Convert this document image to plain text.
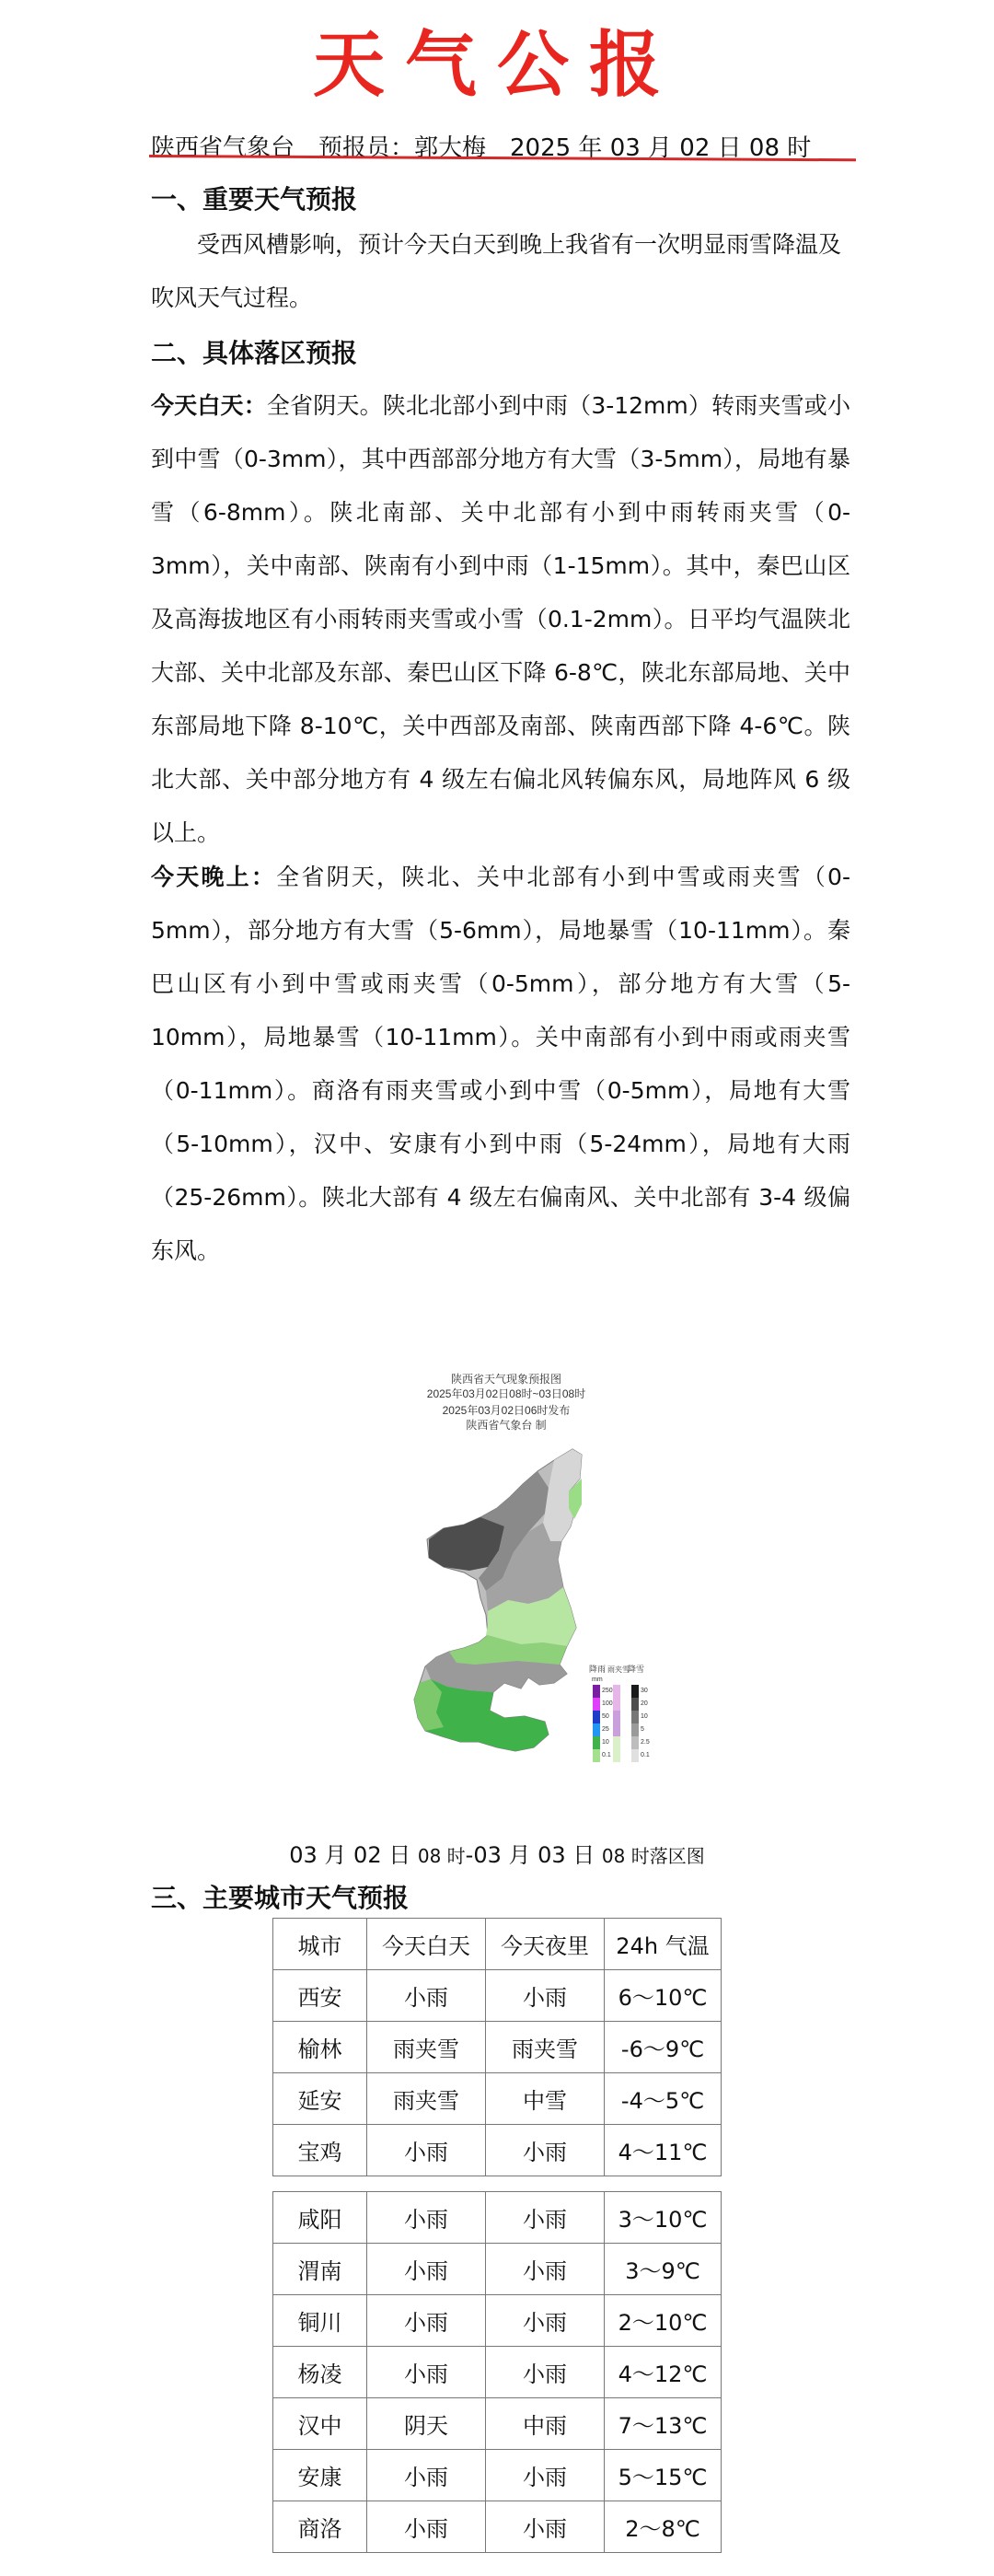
天气公报
陕西省气象台　预报员：郭大梅　2025 年 03 月 02 日 08 时
一、重要天气预报

受西风槽影响，预计今天白天到晚上我省有一次明显雨雪降温及吹风天气过程。

二、具体落区预报

今天白天：全省阴天。陕北北部小到中雨（3-12mm）转雨夹雪或小到中雪（0-3mm），其中西部部分地方有大雪（3-5mm），局地有暴雪（6-8mm）。陕北南部、关中北部有小到中雨转雨夹雪（0-3mm），关中南部、陕南有小到中雨（1-15mm）。其中，秦巴山区及高海拔地区有小雨转雨夹雪或小雪（0.1-2mm）。日平均气温陕北大部、关中北部及东部、秦巴山区下降 6-8℃，陕北东部局地、关中东部局地下降 8-10℃，关中西部及南部、陕南西部下降 4-6℃。陕北大部、关中部分地方有 4 级左右偏北风转偏东风，局地阵风 6 级以上。

今天晚上：全省阴天，陕北、关中北部有小到中雪或雨夹雪（0-5mm），部分地方有大雪（5-6mm），局地暴雪（10-11mm）。秦巴山区有小到中雪或雨夹雪（0-5mm），部分地方有大雪（5-10mm），局地暴雪（10-11mm）。关中南部有小到中雨或雨夹雪（0-11mm）。商洛有雨夹雪或小到中雪（0-5mm），局地有大雪（5-10mm），汉中、安康有小到中雨（5-24mm），局地有大雨（25-26mm）。陕北大部有 4 级左右偏南风、关中北部有 3-4 级偏东风。

陕西省天气现象预报图
2025年03月02日08时~03日08时
2025年03月02日06时发布
陕西省气象台 制
降雨 雨夹雪
降雪
mm
250
100
50
25
10
0.1
30
20
10
5
2.5
0.1
03 月 02 日 08 时-03 月 03 日 08 时落区图
三、主要城市天气预报
城市	今天白天	今天夜里	24h 气温
西安	小雨	小雨	6～10℃
榆林	雨夹雪	雨夹雪	-6～9℃
延安	雨夹雪	中雪	-4～5℃
宝鸡	小雨	小雨	4～11℃
咸阳	小雨	小雨	3～10℃
渭南	小雨	小雨	3～9℃
铜川	小雨	小雨	2～10℃
杨凌	小雨	小雨	4～12℃
汉中	阴天	中雨	7～13℃
安康	小雨	小雨	5～15℃
商洛	小雨	小雨	2～8℃
